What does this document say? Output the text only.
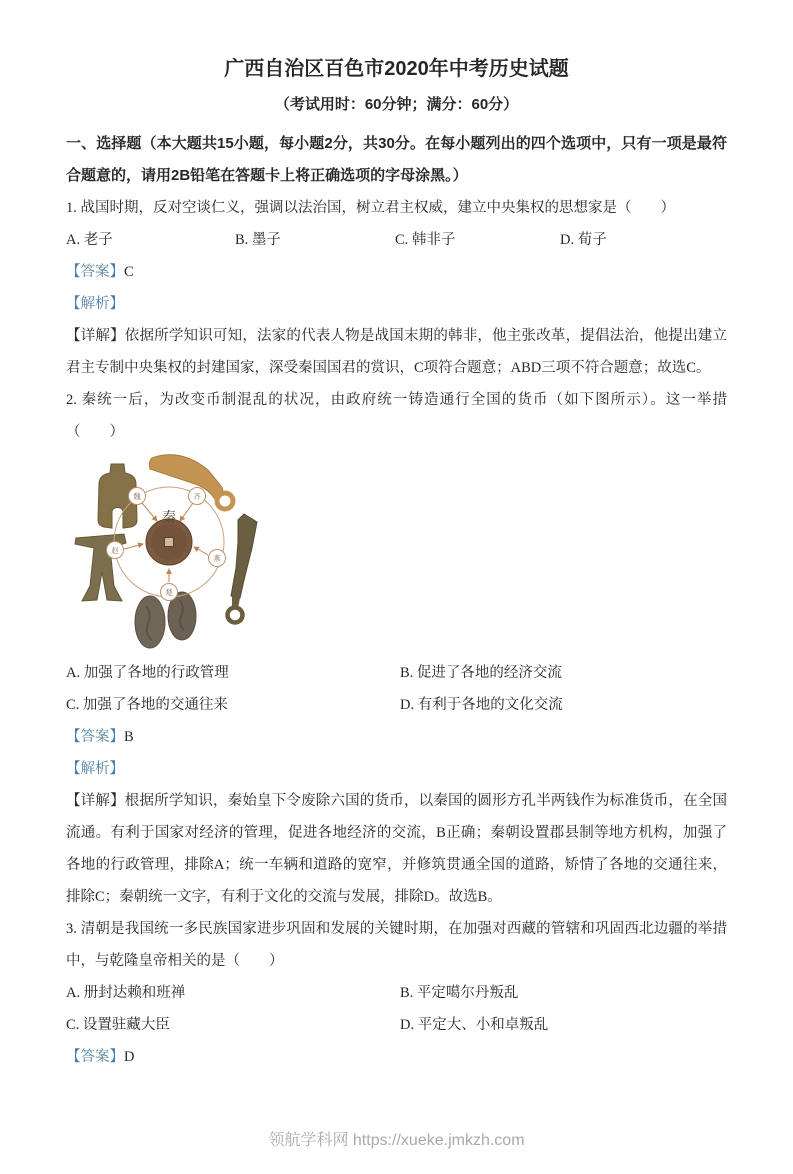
广西自治区百色市2020年中考历史试题
（考试用时：60分钟；满分：60分）
一、选择题（本大题共15小题，每小题2分，共30分。在每小题列出的四个选项中，只有一项是最符合题意的，请用2B铅笔在答题卡上将正确选项的字母涂黑。）

1. 战国时期，反对空谈仁义，强调以法治国，树立君主权威，建立中央集权的思想家是（　　）

A. 老子	B. 墨子	C. 韩非子	D. 荀子

【答案】C

【解析】

【详解】依据所学知识可知，法家的代表人物是战国末期的韩非，他主张改革，提倡法治，他提出建立君主专制中央集权的封建国家，深受秦国国君的赏识，C项符合题意；ABD三项不符合题意；故选C。

2. 秦统一后，为改变币制混乱的状况，由政府统一铸造通行全国的货币（如下图所示）。这一举措（　　）

秦
魏	齐
赵
燕
楚
A. 加强了各地的行政管理	B. 促进了各地的经济交流
C. 加强了各地的交通往来	D. 有利于各地的文化交流

【答案】B

【解析】

【详解】根据所学知识，秦始皇下令废除六国的货币，以秦国的圆形方孔半两钱作为标准货币，在全国流通。有利于国家对经济的管理，促进各地经济的交流，B正确；秦朝设置郡县制等地方机构，加强了各地的行政管理，排除A；统一车辆和道路的宽窄，并修筑贯通全国的道路，矫情了各地的交通往来，排除C；秦朝统一文字，有利于文化的交流与发展，排除D。故选B。

3. 清朝是我国统一多民族国家进步巩固和发展的关键时期，在加强对西藏的管辖和巩固西北边疆的举措中，与乾隆皇帝相关的是（　　）

A. 册封达赖和班禅	B. 平定噶尔丹叛乱
C. 设置驻藏大臣	D. 平定大、小和卓叛乱

【答案】D

领航学科网 https://xueke.jmkzh.com
